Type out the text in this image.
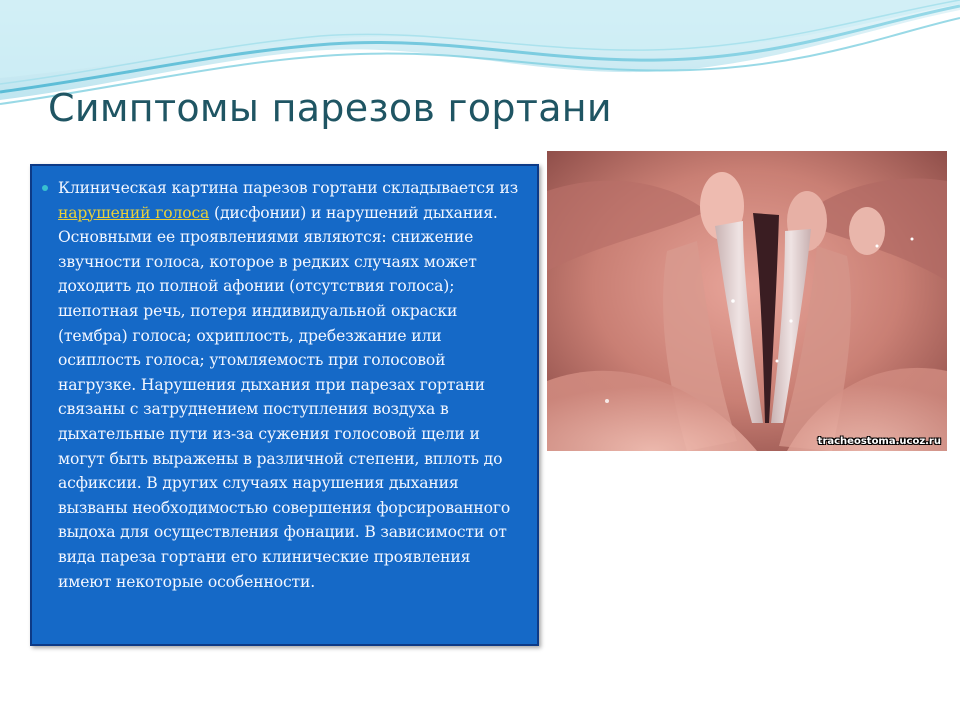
Симптомы парезов гортани

Клиническая картина парезов гортани складывается из нарушений голоса (дисфонии) и нарушений дыхания. Основными ее проявлениями являются: снижение звучности голоса, которое в редких случаях может доходить до полной афонии (отсутствия голоса); шепотная речь, потеря индивидуальной окраски (тембра) голоса; охриплость, дребезжание или осиплость голоса; утомляемость при голосовой нагрузке. Нарушения дыхания при парезах гортани связаны с затруднением поступления воздуха в дыхательные пути из-за сужения голосовой щели и могут быть выражены в различной степени, вплоть до асфиксии. В других случаях нарушения дыхания вызваны необходимостью совершения форсированного выдоха для осуществления фонации. В зависимости от вида пареза гортани его клинические проявления имеют некоторые особенности.

tracheostoma.ucoz.ru
